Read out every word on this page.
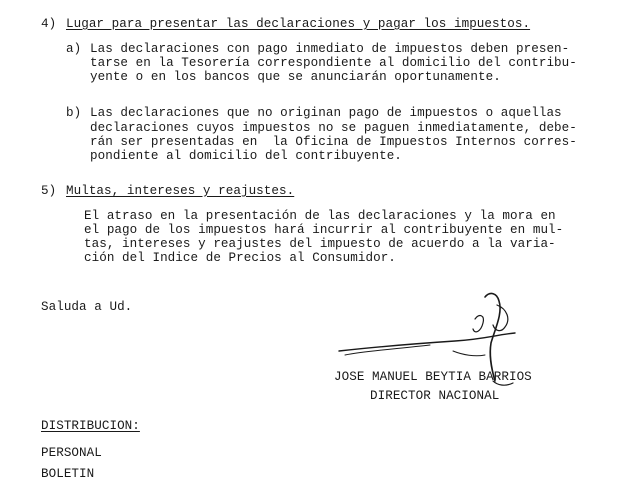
4) Lugar para presentar las declaraciones y pagar los impuestos.
a) Las declaraciones con pago inmediato de impuestos deben presen-
tarse en la Tesorería correspondiente al domicilio del contribu-
yente o en los bancos que se anunciarán oportunamente.
b) Las declaraciones que no originan pago de impuestos o aquellas
declaraciones cuyos impuestos no se paguen inmediatamente, debe-
rán ser presentadas en  la Oficina de Impuestos Internos corres-
pondiente al domicilio del contribuyente.
5) Multas, intereses y reajustes.
El atraso en la presentación de las declaraciones y la mora en
el pago de los impuestos hará incurrir al contribuyente en mul-
tas, intereses y reajustes del impuesto de acuerdo a la varia-
ción del Indice de Precios al Consumidor.
Saluda a Ud.
JOSE MANUEL BEYTIA BARRIOS
DIRECTOR NACIONAL
DISTRIBUCION:
PERSONAL
BOLETIN
